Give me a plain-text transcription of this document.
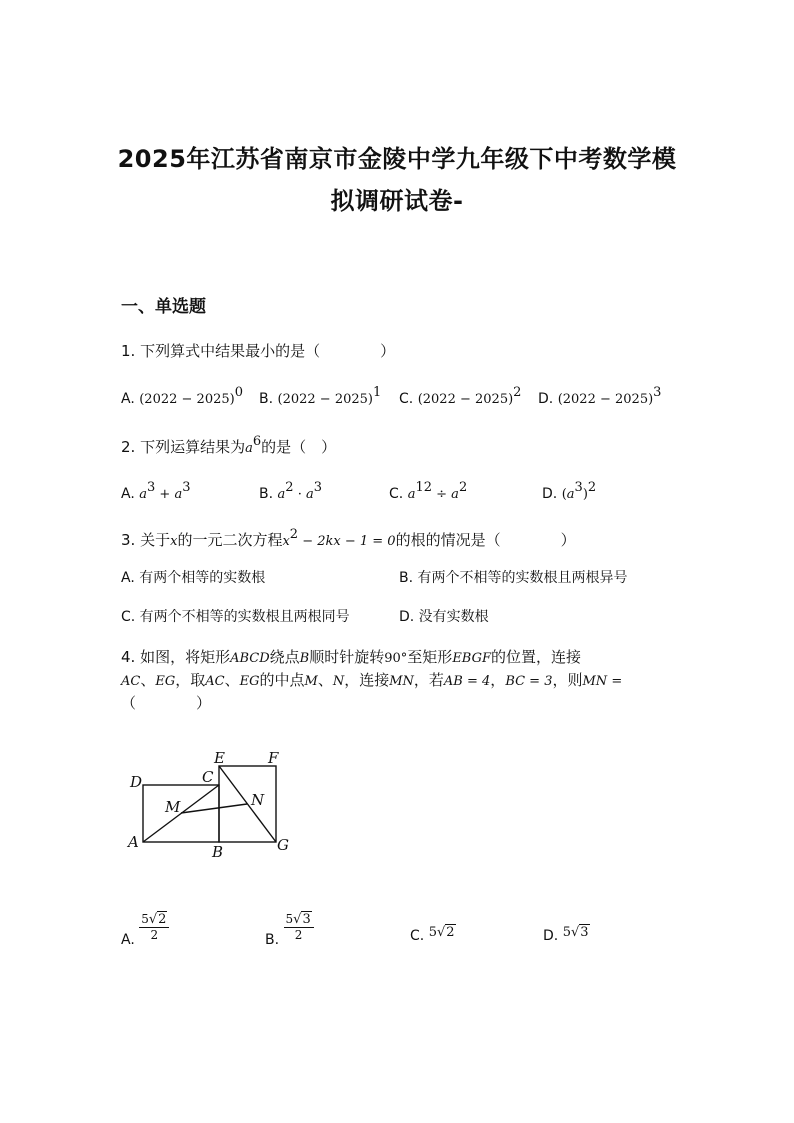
2025年江苏省南京市金陵中学九年级下中考数学模
拟调研试卷-
一、单选题
1. 下列算式中结果最小的是（　　　　）
A. $(2022 - 2025)^0$ B. $(2022 - 2025)^1$ C. $(2022 - 2025)^2$ D. $(2022 - 2025)^3$
2. 下列运算结果为$a^6$的是（　）
A. $a^3 + a^3$	B. $a^2 \cdot a^3$	C. $a^{12} \div a^2$	D. $(a^3)^2$
3. 关于x的一元二次方程$x^2 - 2kx - 1 = 0$的根的情况是（　　　　）
A. 有两个相等的实数根	B. 有两个不相等的实数根且两根异号
C. 有两个不相等的实数根且两根同号	D. 没有实数根
4. 如图，将矩形ABCD绕点B顺时针旋转90°至矩形EBGF的位置，连接
AC、EG，取AC、EG的中点M、N，连接MN，若AB = 4，BC = 3，则MN =
（　　　　）
D
A
B
C
E	F
G
M	N
A. $\frac{5√2}{2}$	B. $\frac{5√3}{2}$	C. 5√2	D. 5√3
